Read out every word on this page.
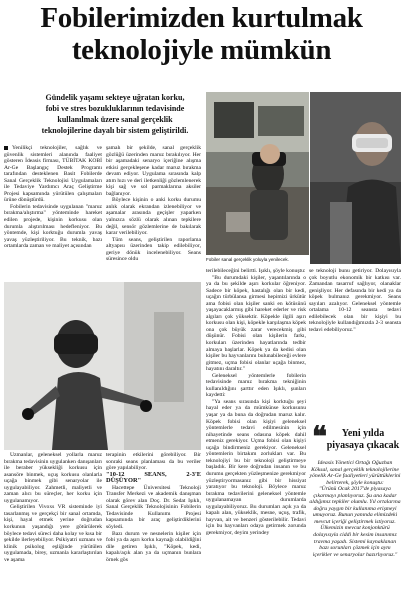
Fobilerimizden kurtulmak
teknolojiyle mümkün
Gündelik yaşamı sekteye uğratan korku, fobi ve stres bozukluklarının tedavisinde kullanılmak üzere sanal gerçeklik teknolojilerine dayalı bir sistem geliştirildi.
Fobiler sanal gerçeklik yoluyla yenilecek.

Yenilikçi teknolojiler, sağlık ve güvenlik sistemleri alanında faaliyet gösteren İdeasis firması, TÜBİTAK KOBİ Ar-Ge Başlangıç Destek Programı tarafından desteklenen Basit Fobilerde Sanal Gerçeklik Teknolojisi Uygulamaları ile Tedaviye Yardımcı Araç Geliştirme Projesi kapsamında yürütülen çalışmaları ürüne dönüştürdü.

Fobilerin tedavisinde uygulanan "maruz bırakma/alıştırma" yönteminde hareket edilen projede, kişinin korkusu olan durumla alıştırılması hedefleniyor. Bu yöntemde, kişi korktuğu durumla yavaş yavaş yüzleştiriliyor. Bu teknik, bazı ortamlarda zaman ve maliyet açısından

şamalı bir şekilde, sanal gerçeklik gözlüğü üzerinden maruz bırakılıyor. Her bir aşamadaki senaryo içeriğine alışma etkisi gerçekleşene kadar maruz bırakma devam ediyor. Uygulama sırasında kalp atım hızı ve deri iletkenliği gözlemlenerek kişi sağ ve sol parmaklarına aksiler bağlanıyor.

Böylece kişinin o anki korku durumu anlık olarak ekrandan izlenebiliyor ve aşamalar arasında geçişler yaparken yalnızca sözlü olarak alınan tepkilere değil, sensör gözlemlerine de bakılarak karar verilebiliyor.

Tüm seans, geliştirilen raporlama altyapısı üzerinden takip edilebiliyor, geriye dönük incelenebiliyor. Seans süresince oldu

Uzmanlar, geleneksel yollarla maruz bırakma tedavisinin uygulanken danışanları ile beraber yüksekliği korkusu için asansöre binmek, uçuş korkusu olanlarla uçağa binmek gibi senaryolar ile uygulayabiliyor. Zahmetli, maliyetli ve zaman alıcı bu süreçler, her korku için uygulanamıyor.

Geliştirilen Vivoxs VR sisteminde iyi tasarlanmış ve gerçekçi bir sanal ortamda, kişi, hayal etmek yerine doğrudan korkunun yaşandığı yere götürülerek böylece tedavi süreci daha kolay ve kısa bir şekilde ilerleyebiliyor. Psikiyatri uzmanı ve klinik psikolog eşliğinde yürütülen uygulamada, birey, uzmanla kararlaştırılan ve aşama

terapinin etkilerini görebiliyor. Bir sonraki seans planlaması da bu veriler göre yapılabiliyor.

"10-12 SEANS, 2-3'E DÜŞÜYOR"

Hacettepe Üniversitesi Teknoloji Transfer Merkezi ve akademik danışman olarak görev alan Doç. Dr. Sedat Işıklı, Sanal Gerçeklik Teknolojisinin Fobilerin Tedavisinde Kullanımı Projesi kapsamında bir araç geliştirdiklerini söyledi.

Bazı durum ve nesnelerin kişiler için fobi ya da aşırı korku kaynağı olabildiğini dile getiren Işıklı, "Köpek, kedi, kapalı/açık alan ya da uçmanın bunlara örnek gös

terilebileceğini belirtti. Işıklı, şöyle konuştu:

"Bu durumdaki kişiler, yaşantılarında o ya da bu şekilde aşırı korkular öğreniyor. Sadece bir köpek, hastalığı olan bir kedi, uçağın türbülansa girmesi hepimizi ürkütür ama fobisi olan kişiler sanki en kötüsünü yaşayacaklarmış gibi hareket ederler ve risk algıları çok yüksektir. Köpekle ilgili aşırı korkusu olan kişi, köpekle karşılaşma köpek ona çok büyük zarar verecekmiş gibi düşünür. Fobisi olan kişilerin farkı, korkuları üzerinden hayatlarında tedbir almaya başlarlar. Köpek ya da kedisi olan kişiler bu hayvanlarını bulunabileceği evlere gitmez, uçma fobisi olanlar uçağa binmez, hayatını daraltır."

Geleneksel yöntemlerle fobilerin tedavisinde maruz bırakma tekniğinin kullanıldığını şarttır eden Işıklı, şunları kaydetti:

"Ya seans sırasında kişi korktuğu şeyi hayal eder ya da mümkünse korkusunu yaşar ya da buna da doğrudan maruz kalır. Köpek fobisi olan kişiyi geleneksel yöntemlerle tedavi edilmesinin için nihayetinde seans odasına köpek dahil etmeniz gerekiyor. Uçma fobisi olan kişiyi uçağa bindirmeniz gerekiyor. Geleneksel yöntemlerin birtakım zorlukları var. Bu teknolojiyi bu bir teknoloji geliştirmeye başladık. Bir kere doğrudan insanın ve bu durumu gerçekten yüzleşmenize gerekmiyor yüzleştiryormasanız gibi bir hissiyat yaratıyor bu teknoloji. Böylece maruz bırakma tedavilerini geleneksel yöntemle uygulanamayan durumlarda uygulayabiliyoruz. Bu durumları açık ya da kapalı alan, yükseklik, mesne, uçuş, trafik, hayvan, ait ve benzeri gösterilebilir. Tedavi için bu hayvanları odaya getirmek zorunda gerekmiyor, deyim yerindey

se teknoloji bunu getiriyor. Dolayısıyla çok boyutlu ekonomik bir katkısı var. Zamandan tasarruf sağlıyor, olanaklar genişliyor. Her defasında bir kedi ya da köpek bulmanız gerekmiyor. Seans sayıları azalıyor. Geleneksel yöntemle ortalama 10-12 seansta tedavi edilebilecek olan bir kişiyi bu teknolojiyle kullandığımızda 2-3 seansta tedavi edebiliyoruz."

❝	Yeni yılda piyasaya çıkacak

İdeasis Yönetici Ortağı Oğuzhan Köksal, sanal gerçeklik teknolojilerine yönelik Ar-Ge faaliyetleri yürüttüklerini belirterek, şöyle konuştu:

"Ürünü Ocak 2017'de piyasaya çıkarmayı planlıyoruz. Şu ana kadar aldığımız tepkiler olumlu. Yıl ortalarına doğru yaygın bir kullanıma erişmeyi umuyoruz. Bunun yanında elimizdeki mevcut içeriği geliştirmek istiyoruz. Ülkemizin mevcut konjonktürü dolayısıyla ciddi bir kesim insanımız travma yaşadı. Sistemi kaynaklanan bazı sorunları çözmek için aynı içerikler ve senaryolar hazırlıyoruz."
